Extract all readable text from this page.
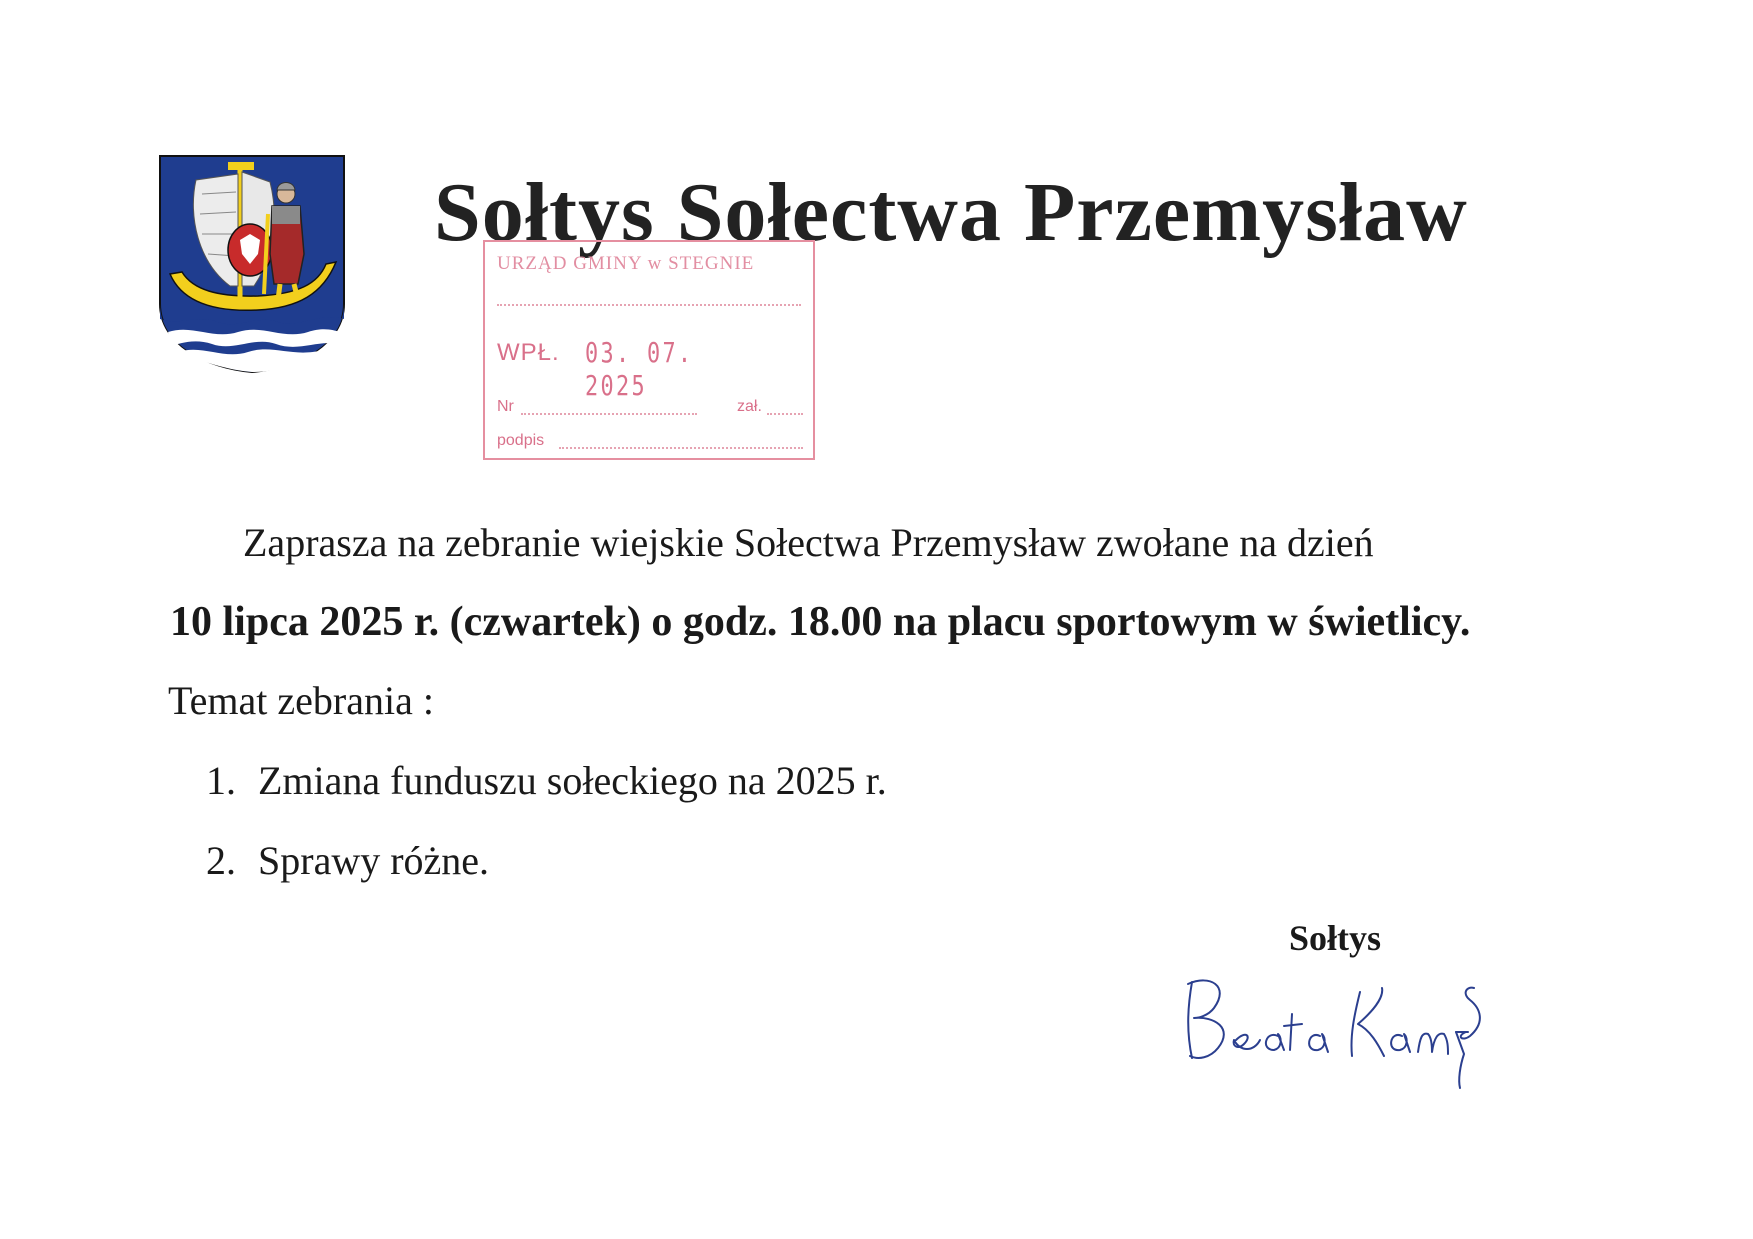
Sołtys Sołectwa Przemysław
URZĄD GMINY w STEGNIE
WPŁ. 03. 07. 2025
Nr	zał.
podpis
Zaprasza na zebranie wiejskie Sołectwa Przemysław zwołane na dzień
10 lipca 2025 r. (czwartek) o godz. 18.00 na placu sportowym w świetlicy.
Temat zebrania :
1. Zmiana funduszu sołeckiego na 2025 r.
2. Sprawy różne.
Sołtys
